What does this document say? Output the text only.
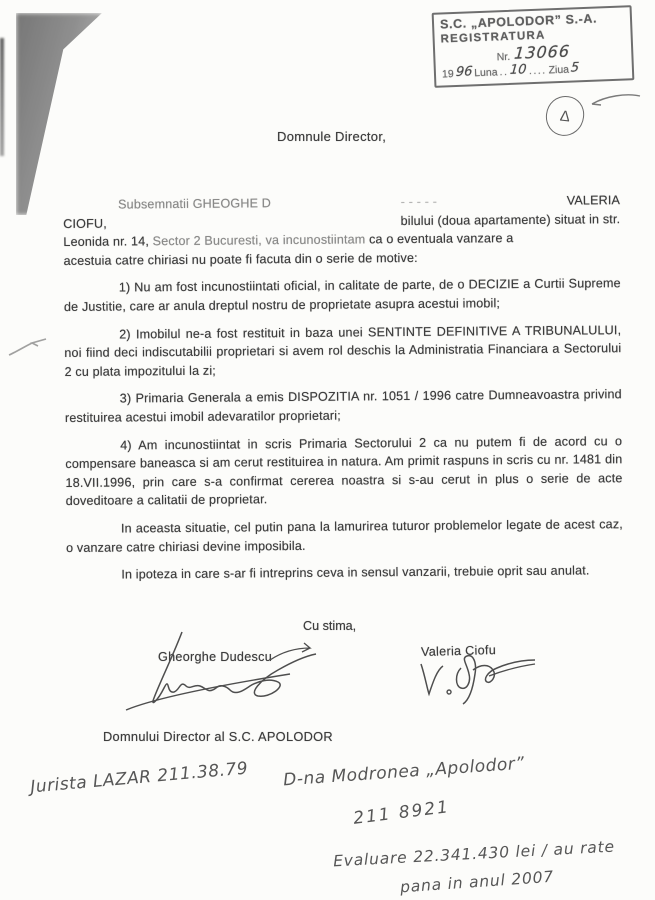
S.C. „APOLODOR” S.-A.
REGISTRATURA
Nr. 13066
19 96 Luna .. 10 .... Ziua 5
Δ
Domnule Director,
Subsemnatii GHEOGHE D	- - - - -	VALERIA
CIOFU,	bilului (doua apartamente) situat in str.
Leonida nr. 14, Sector 2 Bucuresti, va incunostiintam ca o eventuala vanzare a
acestuia catre chiriasi nu poate fi facuta din o serie de motive:

1) Nu am fost incunostiintati oficial, in calitate de parte, de o DECIZIE a Curtii Supreme de Justitie, care ar anula dreptul nostru de proprietate asupra acestui imobil;

2) Imobilul ne-a fost restituit in baza unei SENTINTE DEFINITIVE A TRIBUNALULUI, noi fiind deci indiscutabilii proprietari si avem rol deschis la Administratia Financiara a Sectorului 2 cu plata impozitului la zi;

3) Primaria Generala a emis DISPOZITIA nr. 1051 / 1996 catre Dumneavoastra privind restituirea acestui imobil adevaratilor proprietari;

4) Am incunostiintat in scris Primaria Sectorului 2 ca nu putem fi de acord cu o compensare baneasca si am cerut restituirea in natura. Am primit raspuns in scris cu nr. 1481 din 18.VII.1996, prin care s-a confirmat cererea noastra si s-au cerut in plus o serie de acte doveditoare a calitatii de proprietar.

In aceasta situatie, cel putin pana la lamurirea tuturor problemelor legate de acest caz, o vanzare catre chiriasi devine imposibila.

In ipoteza in care s-ar fi intreprins ceva in sensul vanzarii, trebuie oprit sau anulat.

Cu stima,
Gheorghe Dudescu	Valeria Ciofu
Domnului Director al S.C. APOLODOR
Jurista LAZAR 211.38.79 D-na Modronea „Apolodor”
211 8921
Evaluare 22.341.430 lei / au rate
pana in anul 2007
